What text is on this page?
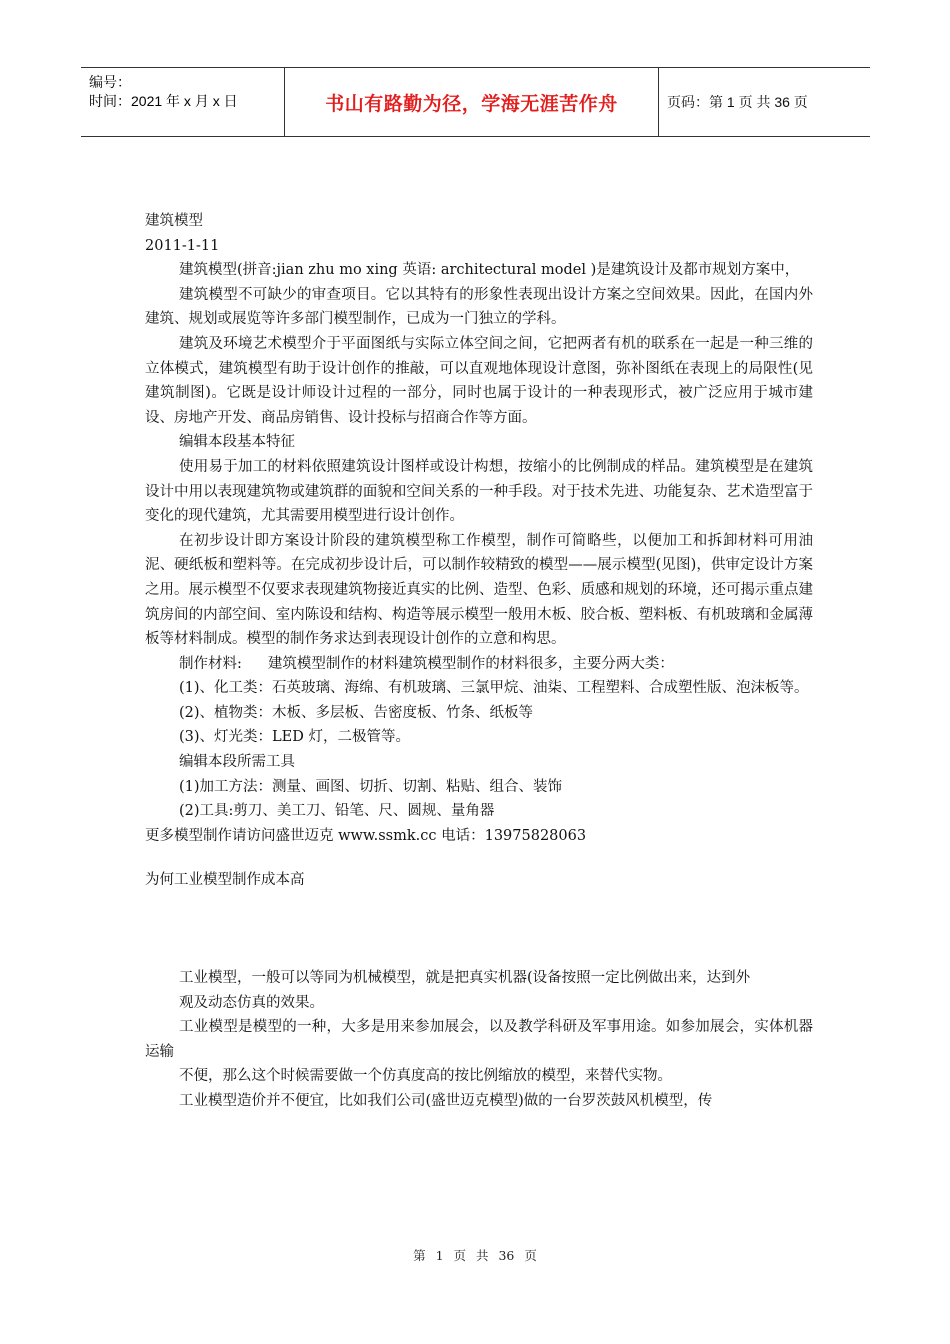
编号：
时间：2021 年 x 月 x 日	书山有路勤为径，学海无涯苦作舟	页码：第 1 页 共 36 页

建筑模型

2011-1-11

建筑模型(拼音:jian zhu mo xing 英语: architectural model )是建筑设计及都市规划方案中，

建筑模型不可缺少的审查项目。它以其特有的形象性表现出设计方案之空间效果。因此，在国内外建筑、规划或展览等许多部门模型制作，已成为一门独立的学科。

建筑及环境艺术模型介于平面图纸与实际立体空间之间，它把两者有机的联系在一起是一种三维的立体模式，建筑模型有助于设计创作的推敲，可以直观地体现设计意图，弥补图纸在表现上的局限性(见建筑制图)。它既是设计师设计过程的一部分，同时也属于设计的一种表现形式，被广泛应用于城市建设、房地产开发、商品房销售、设计投标与招商合作等方面。

编辑本段基本特征

使用易于加工的材料依照建筑设计图样或设计构想，按缩小的比例制成的样品。建筑模型是在建筑设计中用以表现建筑物或建筑群的面貌和空间关系的一种手段。对于技术先进、功能复杂、艺术造型富于变化的现代建筑，尤其需要用模型进行设计创作。

在初步设计即方案设计阶段的建筑模型称工作模型，制作可简略些，以便加工和拆卸材料可用油泥、硬纸板和塑料等。在完成初步设计后，可以制作较精致的模型——展示模型(见图)，供审定设计方案之用。展示模型不仅要求表现建筑物接近真实的比例、造型、色彩、质感和规划的环境，还可揭示重点建筑房间的内部空间、室内陈设和结构、构造等展示模型一般用木板、胶合板、塑料板、有机玻璃和金属薄板等材料制成。模型的制作务求达到表现设计创作的立意和构思。

制作材料: 建筑模型制作的材料建筑模型制作的材料很多，主要分两大类：

(1)、化工类：石英玻璃、海绵、有机玻璃、三氯甲烷、油柒、工程塑料、合成塑性版、泡沫板等。

(2)、植物类：木板、多层板、告密度板、竹条、纸板等

(3)、灯光类：LED 灯，二极管等。

编辑本段所需工具

(1)加工方法：测量、画图、切折、切割、粘贴、组合、装饰

(2)工具:剪刀、美工刀、铅笔、尺、圆规、量角器

更多模型制作请访问盛世迈克 www.ssmk.cc 电话：13975828063

为何工业模型制作成本高

工业模型，一般可以等同为机械模型，就是把真实机器(设备按照一定比例做出来，达到外

观及动态仿真的效果。

工业模型是模型的一种，大多是用来参加展会，以及教学科研及军事用途。如参加展会，实体机器运输

不便，那么这个时候需要做一个仿真度高的按比例缩放的模型，来替代实物。

工业模型造价并不便宜，比如我们公司(盛世迈克模型)做的一台罗茨鼓风机模型，传

第 1 页 共 36 页
